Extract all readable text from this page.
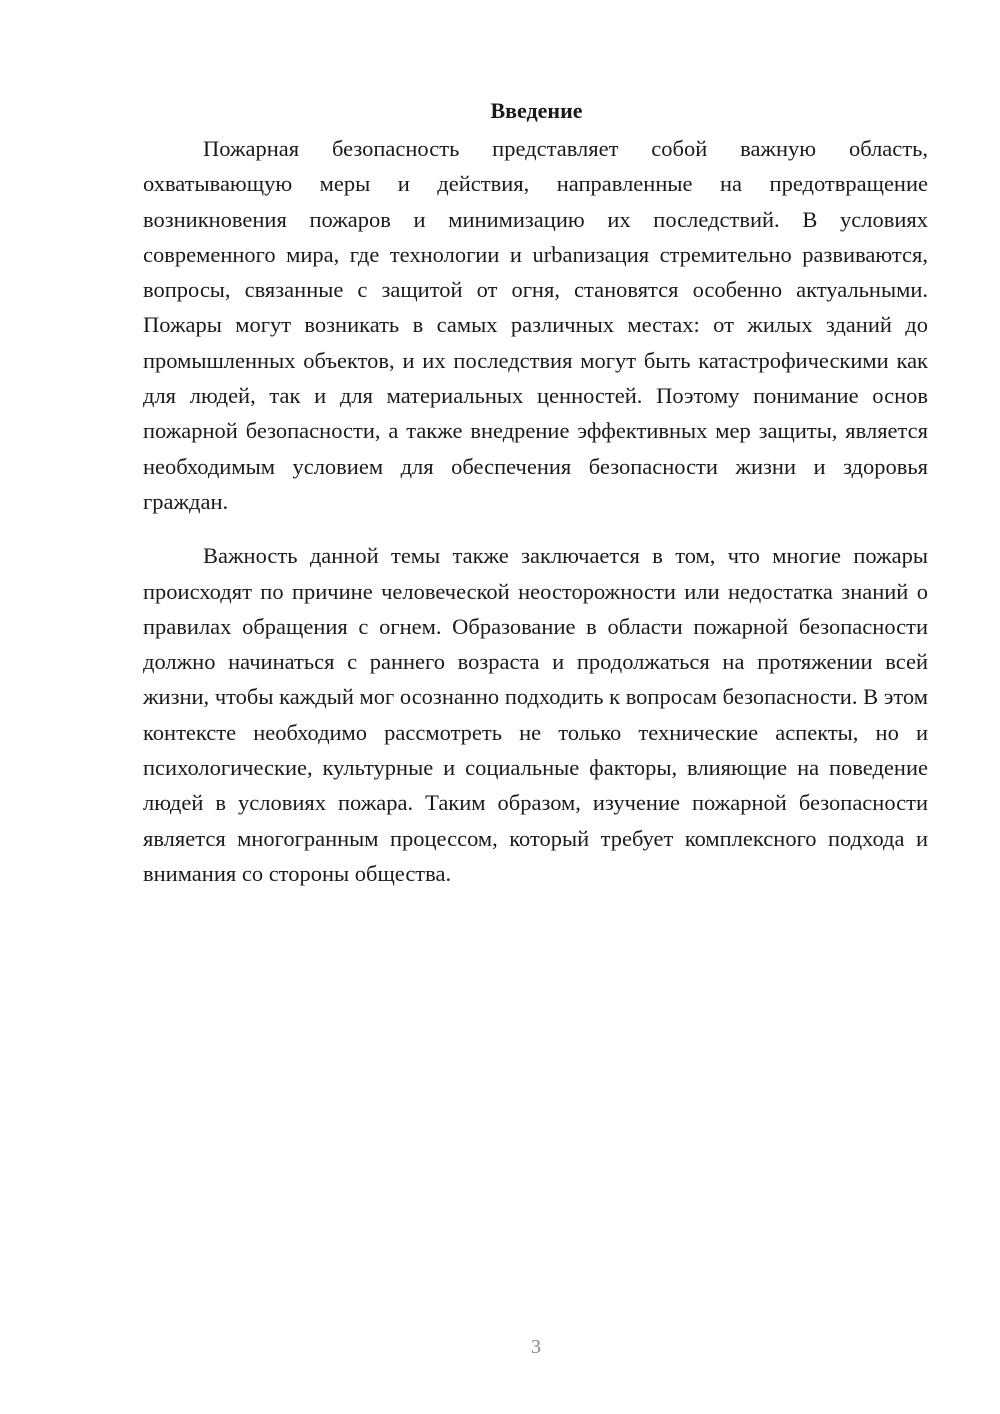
Введение

Пожарная безопасность представляет собой важную область, охватывающую меры и действия, направленные на предотвращение возникновения пожаров и минимизацию их последствий. В условиях современного мира, где технологии и urbanизация стремительно развиваются, вопросы, связанные с защитой от огня, становятся особенно актуальными. Пожары могут возникать в самых различных местах: от жилых зданий до промышленных объектов, и их последствия могут быть катастрофическими как для людей, так и для материальных ценностей. Поэтому понимание основ пожарной безопасности, а также внедрение эффективных мер защиты, является необходимым условием для обеспечения безопасности жизни и здоровья граждан.

Важность данной темы также заключается в том, что многие пожары происходят по причине человеческой неосторожности или недостатка знаний о правилах обращения с огнем. Образование в области пожарной безопасности должно начинаться с раннего возраста и продолжаться на протяжении всей жизни, чтобы каждый мог осознанно подходить к вопросам безопасности. В этом контексте необходимо рассмотреть не только технические аспекты, но и психологические, культурные и социальные факторы, влияющие на поведение людей в условиях пожара. Таким образом, изучение пожарной безопасности является многогранным процессом, который требует комплексного подхода и внимания со стороны общества.

3
